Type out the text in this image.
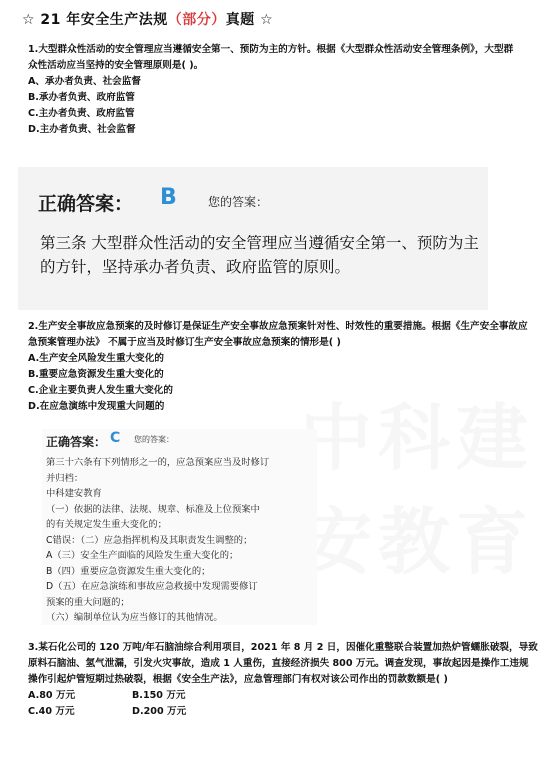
☆ 21 年安全生产法规（部分）真题 ☆
1.大型群众性活动的安全管理应当遵循安全第一、预防为主的方针。根据《大型群众性活动安全管理条例》，大型群众性活动应当坚持的安全管理原则是( )。
A、承办者负责、社会监督
B.承办者负责、政府监管
C.主办者负责、政府监管
D.主办者负责、社会监督
正确答案： B	您的答案：
第三条 大型群众性活动的安全管理应当遵循安全第一、预防为主的方针，坚持承办者负责、政府监管的原则。
2.生产安全事故应急预案的及时修订是保证生产安全事故应急预案针对性、时效性的重要措施。根据《生产安全事故应急预案管理办法》 不属于应当及时修订生产安全事故应急预案的情形是( )
A.生产安全风险发生重大变化的
B.重要应急资源发生重大变化的
C.企业主要负责人发生重大变化的
D.在应急演练中发现重大问题的
正确答案： C 您的答案：
第三十六条有下列情形之一的，应急预案应当及时修订
并归档：
中科建安教育
（一）依据的法律、法规、规章、标准及上位预案中
的有关规定发生重大变化的；
C错误：（二）应急指挥机构及其职责发生调整的；
A（三）安全生产面临的风险发生重大变化的；
B（四）重要应急资源发生重大变化的；
D（五）在应急演练和事故应急救援中发现需要修订
预案的重大问题的；
（六）编制单位认为应当修订的其他情况。
3.某石化公司的 120 万吨/年石脑油综合利用项目，2021 年 8 月 2 日，因催化重整联合装置加热炉管蠕胀破裂，导致原料石脑油、氢气泄漏，引发火灾事故，造成 1 人重伤，直接经济损失 800 万元。调查发现，事故起因是操作工违规操作引起炉管短期过热破裂，根据《安全生产法》，应急管理部门有权对该公司作出的罚款数额是( )
A.80 万元	B.150 万元
C.40 万元	D.200 万元
